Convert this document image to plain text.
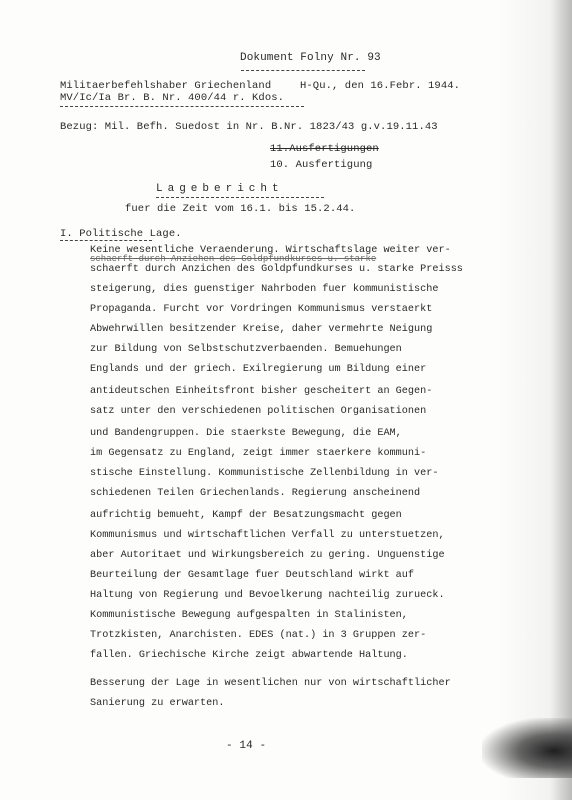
Dokument Folny Nr. 93
Militaerbefehlshaber Griechenland	H-Qu., den 16.Febr. 1944.
MV/Ic/Ia Br. B. Nr. 400/44 r. Kdos.
Bezug: Mil. Befh. Suedost in Nr. B.Nr. 1823/43 g.v.19.11.43
11.Ausfertigungen
10. Ausfertigung
Lagebericht
fuer die Zeit vom 16.1. bis 15.2.44.
I. Politische Lage.
Keine wesentliche Veraenderung. Wirtschaftslage weiter ver-
schaerft durch Anziehen des Goldpfundkurses u. starke
schaerft durch Anzichen des Goldpfundkurses u. starke Preisss
steigerung, dies guenstiger Nahrboden fuer kommunistische
Propaganda. Furcht vor Vordringen Kommunismus verstaerkt
Abwehrwillen besitzender Kreise, daher vermehrte Neigung
zur Bildung von Selbstschutzverbaenden. Bemuehungen
Englands und der griech. Exilregierung um Bildung einer
antideutschen Einheitsfront bisher gescheitert an Gegen-
satz unter den verschiedenen politischen Organisationen
und Bandengruppen. Die staerkste Bewegung, die EAM,
im Gegensatz zu England, zeigt immer staerkere kommuni-
stische Einstellung. Kommunistische Zellenbildung in ver-
schiedenen Teilen Griechenlands. Regierung anscheinend
aufrichtig bemueht, Kampf der Besatzungsmacht gegen
Kommunismus und wirtschaftlichen Verfall zu unterstuetzen,
aber Autoritaet und Wirkungsbereich zu gering. Unguenstige
Beurteilung der Gesamtlage fuer Deutschland wirkt auf
Haltung von Regierung und Bevoelkerung nachteilig zurueck.
Kommunistische Bewegung aufgespalten in Stalinisten,
Trotzkisten, Anarchisten. EDES (nat.) in 3 Gruppen zer-
fallen. Griechische Kirche zeigt abwartende Haltung.
Besserung der Lage in wesentlichen nur von wirtschaftlicher
Sanierung zu erwarten.
- 14 -
